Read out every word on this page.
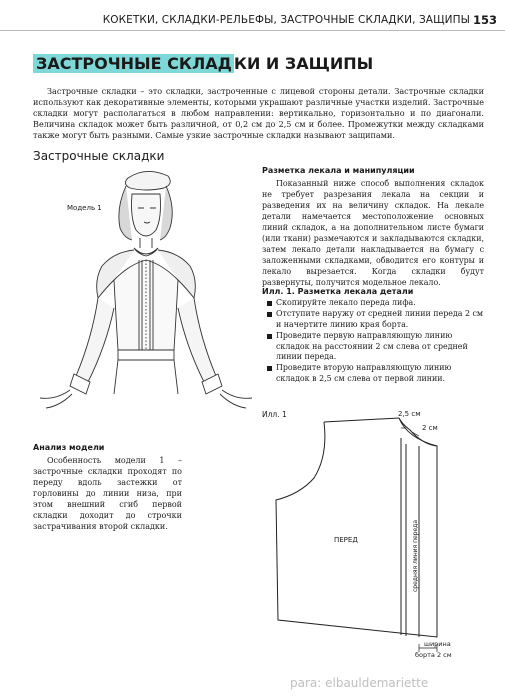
КОКЕТКИ, СКЛАДКИ-РЕЛЬЕФЫ, ЗАСТРОЧНЫЕ СКЛАДКИ, ЗАЩИПЫ 153
ЗАСТРОЧНЫЕ СКЛАД КИ И ЗАЩИПЫ
Застрочные складки – это складки, застроченные с лицевой стороны детали. Застрочные складки используют как декоративные элементы, которыми украшают различные участки изделий. Застрочные складки могут располагаться в любом направлении: вертикально, горизонтально и по диагонали. Величина складок может быть различной, от 0,2 см до 2,5 см и более. Промежутки между складками также могут быть разными. Самые узкие застрочные складки называют защипами.
Застрочные складки
Модель 1
Анализ модели
Особенность модели 1 – застрочные складки проходят по переду вдоль застежки от горловины до линии низа, при этом внешний сгиб первой складки доходит до строчки застрачивания второй складки.
Разметка лекала и манипуляции
Показанный ниже способ выполнения складок не требует разрезания лекала на секции и разведения их на величину складок. На лекале детали намечается местоположение основных линий складок, а на дополнительном листе бумаги (или ткани) размечаются и закладываются складки, затем лекало детали накладывается на бумагу с заложенными складками, обводится его контуры и лекало вырезается. Когда складки будут развернуты, получится модельное лекало.
Илл. 1. Разметка лекала детали
Скопируйте лекало переда лифа.
Отступите наружу от средней линии переда 2 см и начертите линию края борта.
Проведите первую направляющую линию складок на расстоянии 2 см слева от средней линии переда.
Проведите вторую направляющую линию складок в 2,5 см слева от первой линии.
Илл. 1	2,5 см
2 см
ПЕРЕД	средняя линия переда
ширина
борта 2 см
para: elbauldemariette
